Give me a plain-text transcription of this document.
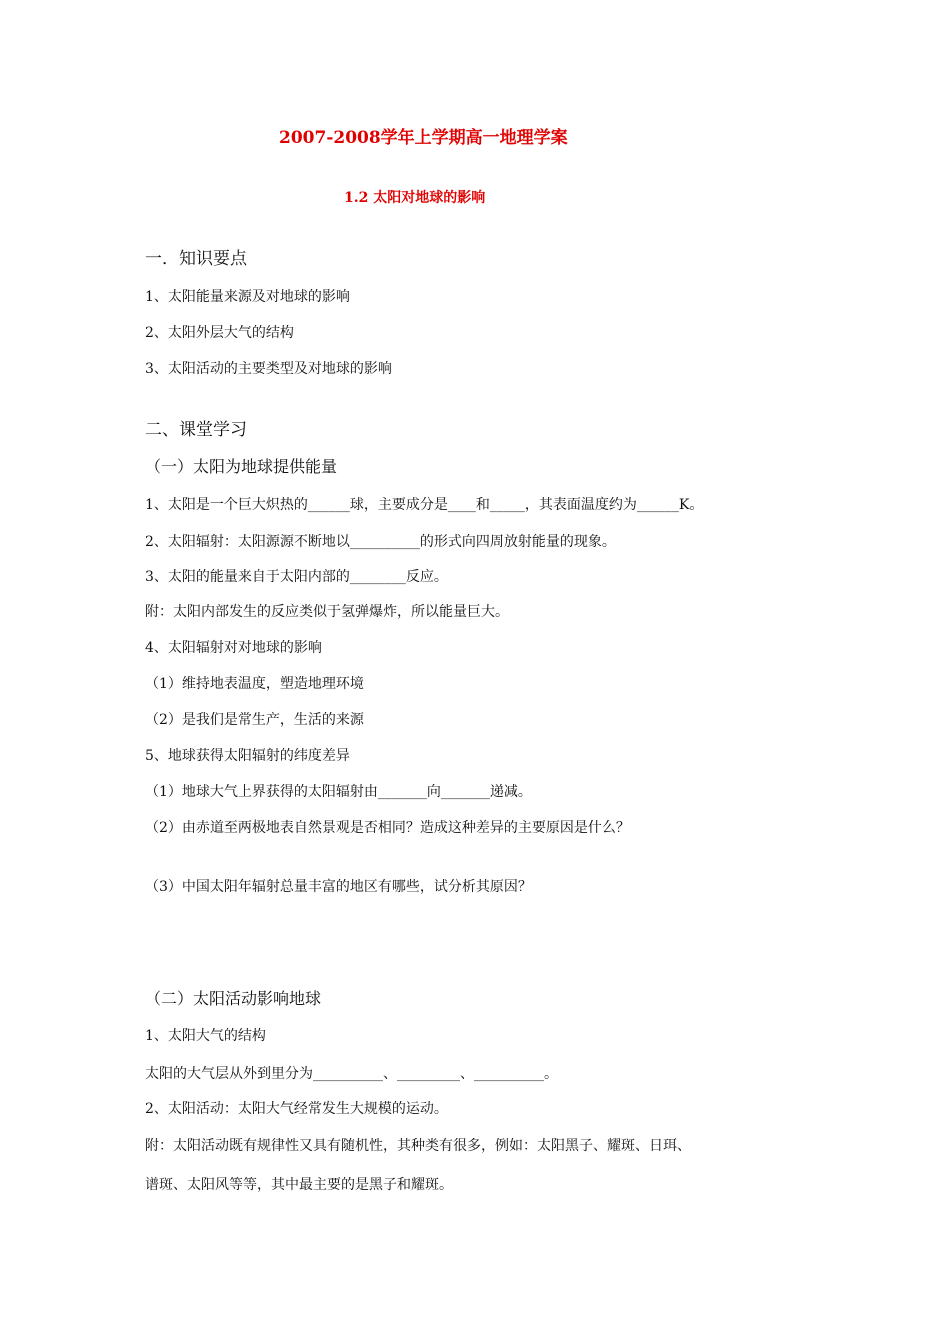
2007-2008学年上学期高一地理学案
1.2 太阳对地球的影响
一．知识要点
1、太阳能量来源及对地球的影响
2、太阳外层大气的结构
3、太阳活动的主要类型及对地球的影响
二、课堂学习
（一）太阳为地球提供能量
1、太阳是一个巨大炽热的______球，主要成分是____和_____，其表面温度约为______K。
2、太阳辐射：太阳源源不断地以__________的形式向四周放射能量的现象。
3、太阳的能量来自于太阳内部的________反应。
附：太阳内部发生的反应类似于氢弹爆炸，所以能量巨大。
4、太阳辐射对对地球的影响
（1）维持地表温度，塑造地理环境
（2）是我们是常生产，生活的来源
5、地球获得太阳辐射的纬度差异
（1）地球大气上界获得的太阳辐射由_______向_______递减。
（2）由赤道至两极地表自然景观是否相同？造成这种差异的主要原因是什么？
（3）中国太阳年辐射总量丰富的地区有哪些，试分析其原因？
（二）太阳活动影响地球
1、太阳大气的结构
太阳的大气层从外到里分为__________、_________、__________。
2、太阳活动：太阳大气经常发生大规模的运动。
附：太阳活动既有规律性又具有随机性，其种类有很多，例如：太阳黑子、耀斑、日珥、
谱斑、太阳风等等，其中最主要的是黑子和耀斑。
